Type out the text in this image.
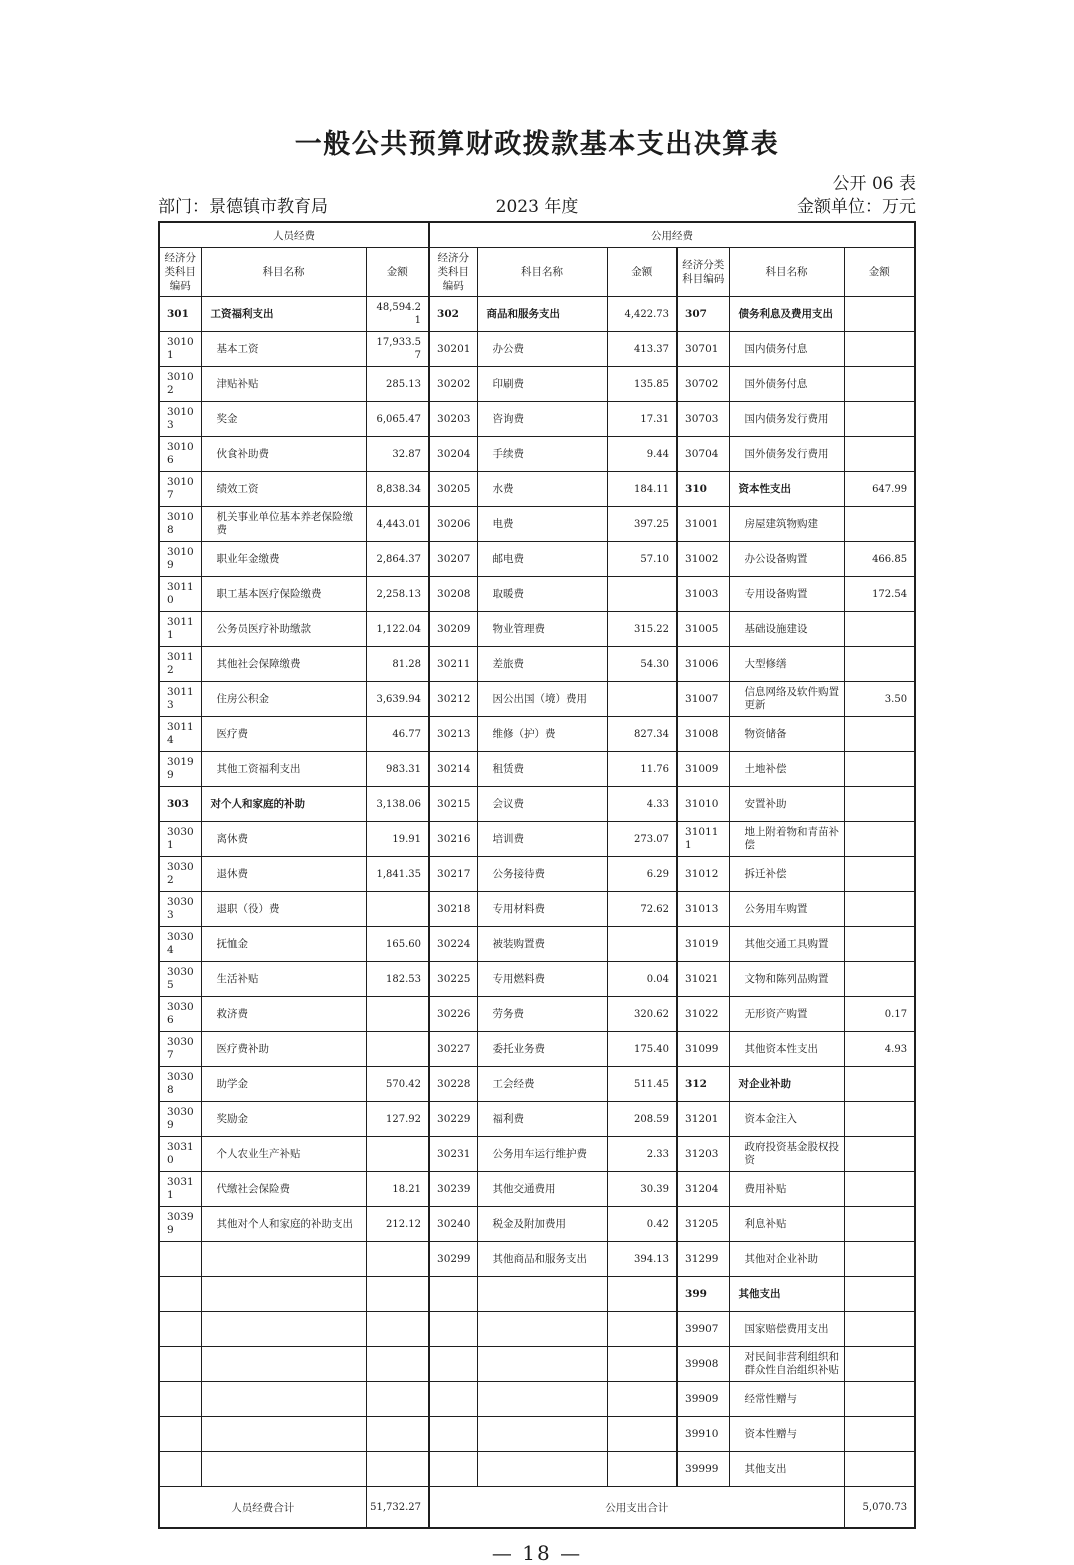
一般公共预算财政拨款基本支出决算表
公开 06 表
部门：景德镇市教育局	2023 年度	金额单位：万元
人员经费			公用经费					
经济分类科目编码	科目名称	金额	经济分类科目编码	科目名称	金额	经济分类科目编码	科目名称	金额
301	工资福利支出	48,594.21	302	商品和服务支出	4,422.73	307	债务利息及费用支出	
30101	基本工资	17,933.57	30201	办公费	413.37	30701	国内债务付息	
30102	津贴补贴	285.13	30202	印刷费	135.85	30702	国外债务付息	
30103	奖金	6,065.47	30203	咨询费	17.31	30703	国内债务发行费用	
30106	伙食补助费	32.87	30204	手续费	9.44	30704	国外债务发行费用	
30107	绩效工资	8,838.34	30205	水费	184.11	310	资本性支出	647.99
30108	机关事业单位基本养老保险缴费	4,443.01	30206	电费	397.25	31001	房屋建筑物购建	
30109	职业年金缴费	2,864.37	30207	邮电费	57.10	31002	办公设备购置	466.85
30110	职工基本医疗保险缴费	2,258.13	30208	取暖费		31003	专用设备购置	172.54
30111	公务员医疗补助缴款	1,122.04	30209	物业管理费	315.22	31005	基础设施建设	
30112	其他社会保障缴费	81.28	30211	差旅费	54.30	31006	大型修缮	
30113	住房公积金	3,639.94	30212	因公出国（境）费用		31007	信息网络及软件购置更新	3.50
30114	医疗费	46.77	30213	维修（护）费	827.34	31008	物资储备	
30199	其他工资福利支出	983.31	30214	租赁费	11.76	31009	土地补偿	
303	对个人和家庭的补助	3,138.06	30215	会议费	4.33	31010	安置补助	
30301	离休费	19.91	30216	培训费	273.07	310111	地上附着物和青苗补偿	
30302	退休费	1,841.35	30217	公务接待费	6.29	31012	拆迁补偿	
30303	退职（役）费		30218	专用材料费	72.62	31013	公务用车购置	
30304	抚恤金	165.60	30224	被装购置费		31019	其他交通工具购置	
30305	生活补贴	182.53	30225	专用燃料费	0.04	31021	文物和陈列品购置	
30306	救济费		30226	劳务费	320.62	31022	无形资产购置	0.17
30307	医疗费补助		30227	委托业务费	175.40	31099	其他资本性支出	4.93
30308	助学金	570.42	30228	工会经费	511.45	312	对企业补助	
30309	奖励金	127.92	30229	福利费	208.59	31201	资本金注入	
30310	个人农业生产补贴		30231	公务用车运行维护费	2.33	31203	政府投资基金股权投资	
30311	代缴社会保险费	18.21	30239	其他交通费用	30.39	31204	费用补贴	
30399	其他对个人和家庭的补助支出	212.12	30240	税金及附加费用	0.42	31205	利息补贴	
			30299	其他商品和服务支出	394.13	31299	其他对企业补助	
						399	其他支出	
						39907	国家赔偿费用支出	
						39908	对民间非营利组织和群众性自治组织补贴	
						39909	经常性赠与	
						39910	资本性赠与	
						39999	其他支出	
人员经费合计		51,732.27	公用支出合计					5,070.73
— 18 —
